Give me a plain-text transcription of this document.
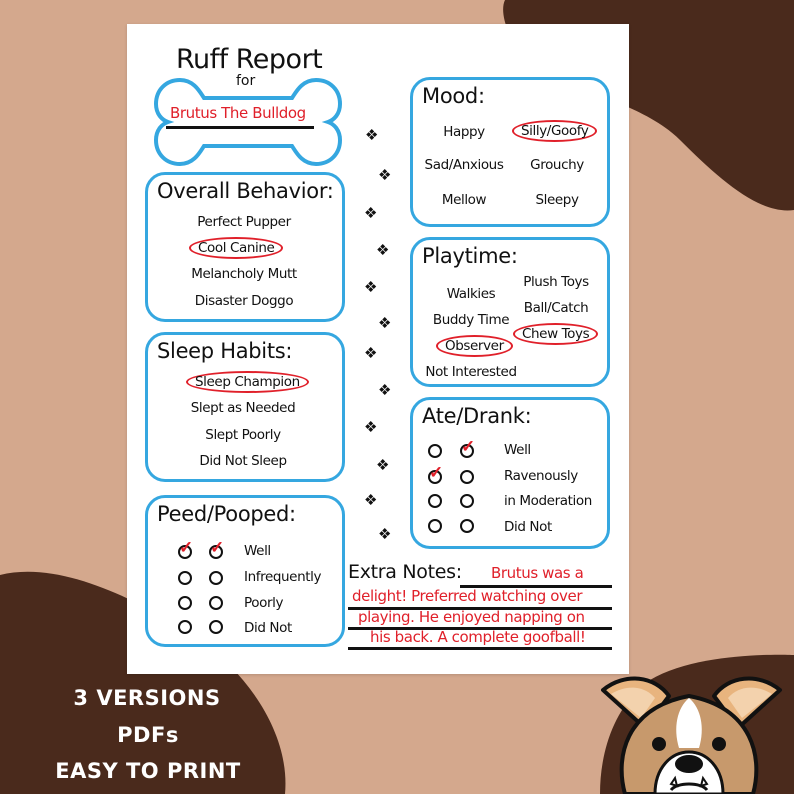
Ruff Report
for
Brutus The Bulldog
Overall Behavior:
Perfect Pupper
Cool Canine
Melancholy Mutt
Disaster Doggo
Sleep Habits:
Sleep Champion
Slept as Needed
Slept Poorly
Did Not Sleep
Peed/Pooped:
✓ ✓ Well
Infrequently
Poorly
Did Not
❖
❖
❖
❖
❖
❖
❖
❖
❖
❖
❖
❖
Mood:
Happy	Silly/Goofy
Sad/Anxious Grouchy
Mellow	Sleepy
Playtime:
Walkies
Buddy Time
Observer
Not Interested
Plush Toys
Ball/Catch
Chew Toys
Ate/Drank:
✓
✓
Well
Ravenously
in Moderation
Did Not
Extra Notes: Brutus was a
delight! Preferred watching over
playing. He enjoyed napping on
his back. A complete goofball!
3 VERSIONS
PDFs
EASY TO PRINT
